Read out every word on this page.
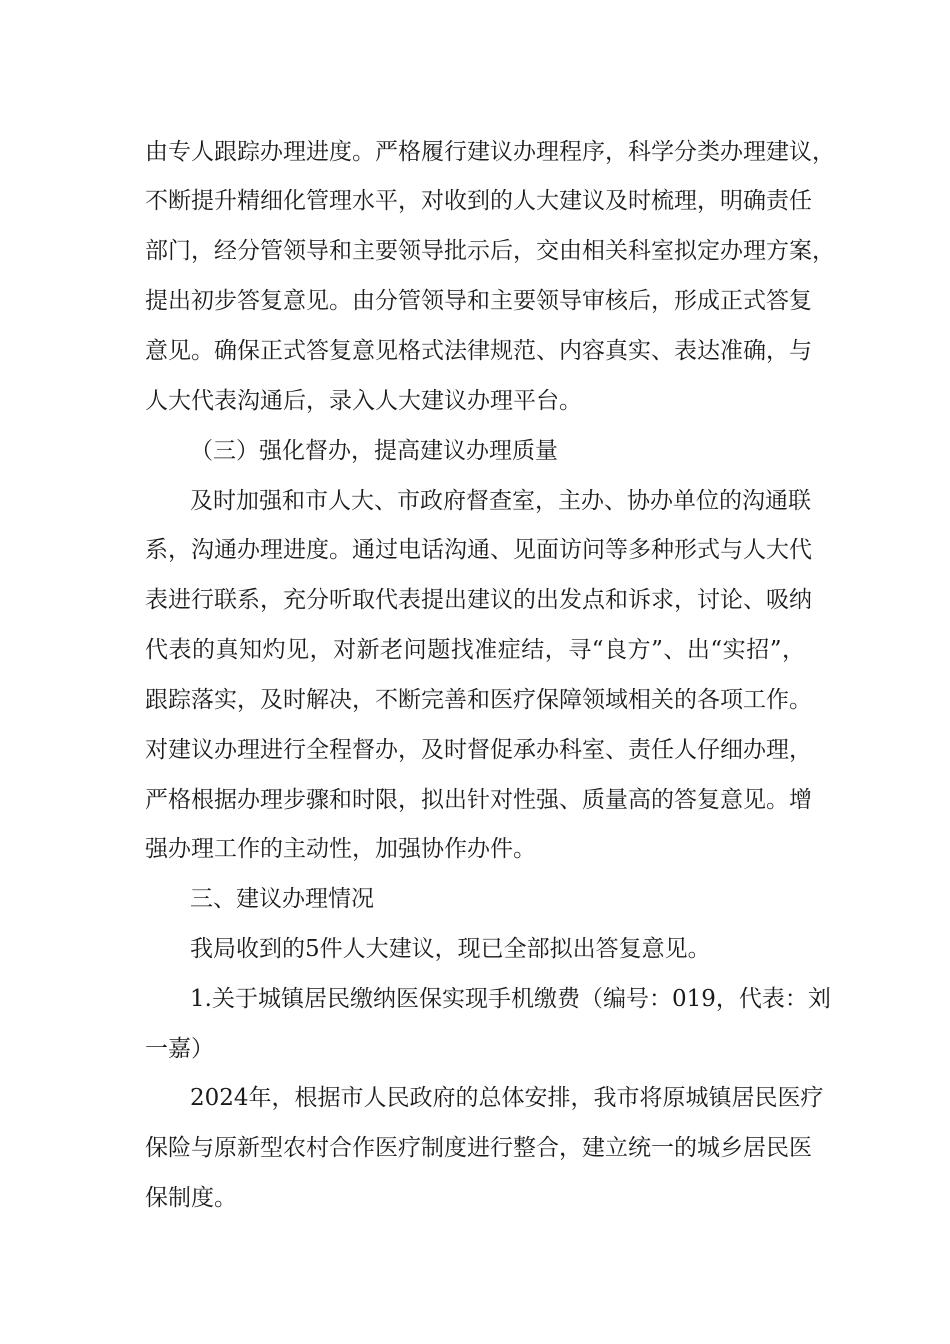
由专人跟踪办理进度。严格履行建议办理程序，科学分类办理建议，
不断提升精细化管理水平，对收到的人大建议及时梳理，明确责任
部门，经分管领导和主要领导批示后，交由相关科室拟定办理方案，
提出初步答复意见。由分管领导和主要领导审核后，形成正式答复
意见。确保正式答复意见格式法律规范、内容真实、表达准确，与
人大代表沟通后，录入人大建议办理平台。
（三）强化督办，提高建议办理质量
及时加强和市人大、市政府督查室，主办、协办单位的沟通联
系，沟通办理进度。通过电话沟通、见面访问等多种形式与人大代
表进行联系，充分听取代表提出建议的出发点和诉求，讨论、吸纳
代表的真知灼见，对新老问题找准症结，寻“良方”、出“实招”，
跟踪落实，及时解决，不断完善和医疗保障领域相关的各项工作。
对建议办理进行全程督办，及时督促承办科室、责任人仔细办理，
严格根据办理步骤和时限，拟出针对性强、质量高的答复意见。增
强办理工作的主动性，加强协作办件。
三、建议办理情况
我局收到的5件人大建议，现已全部拟出答复意见。
1.关于城镇居民缴纳医保实现手机缴费（编号：019，代表：刘
一嘉）
2024年，根据市人民政府的总体安排，我市将原城镇居民医疗
保险与原新型农村合作医疗制度进行整合，建立统一的城乡居民医
保制度。
